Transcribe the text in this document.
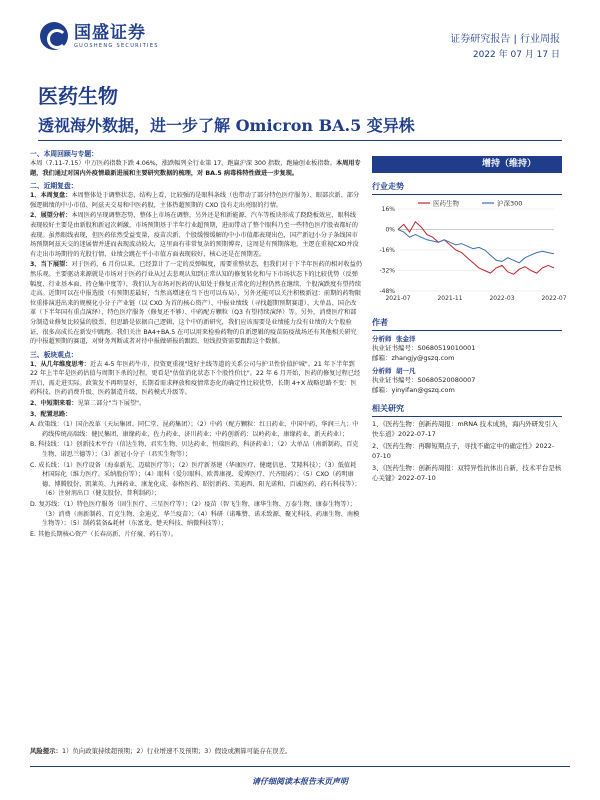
国盛证券
GUOSHENG SECURITIES
证券研究报告 | 行业周报
2022 年 07 月 17 日
医药生物
透视海外数据，进一步了解 Omicron BA.5 变异株
一、本周回顾与专题：
本周（7.11-7.15）中万医药指数下跌 4.06%，涨跌幅列全行业第 17，跑赢沪深 300 指数，跑输创业板指数。本周用专题，我们通过对国内外疫情最新进展和主要研究数据的梳理，对 BA.5 病毒株特性做进一步复现。
二、近期复盘：
1、本周复盘：本周整体处于调整状态，结构上看，比较强的是眼科条线（也带动了部分特色医疗服务）、眼部次新、部分强逻辑绩的中小市值、阿兹天交易和中医药股，主体热超预期的 CXO 没有走出亮眼的行情。
2、展望分析：本周医药呈现调整态势，整体上市场在调整，另外还是和新能源、汽车等板块形成了跷跷板效应，眼科线表现较好主要是由新股和新冠次刺激，市场预期基于半年行业超预期，进而带动了整个眼科乃至一些特色医疗股表都好的表现。虽然眼线表现，但医药依然受益变量，疫苗次新、个股缓慢缓解的中小市值都表现出色，国产新冠小分子条线国市场预期阿兹天交的迷展情并进而表现波动较大，这里面有非常复杂的预期博弈，这周是有预期落地，主逻在重视CXO并没有走出市场期待的光股行情，业绩会跳在平小市值方面表现较好，核心还是在预期差。
3、当下展望：对于医药，6 月份以来，已经算计了一定的反弹幅度，需要重整状态，但我们对于下半年医药的相对收益仍然乐观。主要驱动来源就是市场对于医药行业从过去悲观认知到正常认知的修复转化和与下市场状态下的比较优势（反弹幅度、行业基本面、持仓集中度等），我们认为市场对医药的认知处于修复正常化的过程仍然在继续，个股演跌度有望持续走高。近期可以在中报选股（有预期差最好，当然高增速在当下也可以布局），另外还能可以关注积极新冠：前期的药物限位重排演进出来的规模化小分子产业链（以 CXO 为首的核心资产）、中报业绩线（寻找超期预期赛道）、大单品、国企改革（下半年国有重点演绎）、特色医疗服务（修复还不够）、中药配方颗粒（Q3 有望持续演绎）等。另外，消费医疗和部分制造业修复比较猛的股票，但思路是依据自己逻辑，这个中的新研究，我们应该需要是业绩能力没有业绩的大个股验证，很多高成长在新发中跳跑。我们关注 BA4+BA.5 在可以用来检验药物的自新逻辑的疫苗防疫战场还有其他相关研究的中报超预期的赛道，对财务判断或者对待中报做研报的跟踪，短线投资需要跟踪这个数据。
三、板块观点：
1、从几年维度思考：近去 4-5 年医药牛市，投资更重视"选好主线等道的关系公司与护卫性价值护城"。21 年下半年到 22 年上半年是医药估值与周期下杀的过程，更看是"估值消化状态下个股性价比"。22 年 6 月开始，医药的修复过程已经开启，需走进实际。政策发不再明显好，长期看需求释放和疫情常态化的确定性比较优势，长期 4+X 战略思路不变：医药科技、医药消费升级、医药制造升级、医药模式升级等。
2、中短期来看：见第二部分"当下展望"。
3、配置思路：
A. 政策线：（1）国企改革（天坛集团、同仁堂、昆药集团）；（2）中药（配方颗粒：红日药业、中国中药、华润三九；中药线传统高端线：健民集团、康缘药业、佐力药业、济川药业；中药创新药：以岭药业、康缘药业、新天药业）；
B. 科技线：（1）创新技术平台（信达生物、君实生物、贝达药业、恒瑞医药、科济药业）；（2）大单品（南新制药、百克生物、诺思兰德等）；（3）新冠小分子（君实生物等）；
C. 成长线：（1）医疗设备（海泰新光、迈瑞医疗等）；（2）医疗新基建（华康医疗、健麾信息、艾隆科技）；（3）低值耗材国际化（维力医疗、采纳股份等）；（4）眼科（爱尔眼科、欧普康视、爱博医疗、兴齐眼药）；（5）CXO（药明康德、博腾股份、凯莱英、九洲药业、康龙化成、泰格医药、昭衍新药、美迪西、阳光诺和、百诚医药、药石科技等）；（6）注射剂出口（健友股份、普利制药）；
D. 复苏线：（1）特色医疗服务（固生医疗、三星医疗等）；（2）疫苗（智飞生物、康华生物、万泰生物、康泰生物等）；（3）消费（南新制药、百克生物、金迪克、华兰疫苗）；（4）科研（诺唯赞、诺禾致源、聚光科技、药康生物、南模生物等）；（5）制药装备&耗材（东富龙、楚天科技、纳微科技等）；
E. 其他长期核心资产（长春高新、片仔癀、药石等）。
增持（维持）
行业走势
16%
0%
-16%
-32%
-48%
2021-07	2021-11	2022-03	2022-07
医药生物	沪深300
作者
分析师 张金洋
执业证书编号：S0680519010001
邮箱：zhangjy@gszq.com
分析师 胡一凡
执业证书编号：S0680520080007
邮箱：yinyifan@gszq.com
相关研究
1、《医药生物：创新药周报：mRNA 技术成熟，海内外研发引入快车道》2022-07-17
2、《医药生物：再聊短期点子，寻找不确定中的确定性》2022-07-10
3、《医药生物：创新药周报：双特异性抗体出自新，技术平台是核心关键》2022-07-10
风险提示：1）负向政策持续超预期；2）行业增速不及预期；3）假设或测算可能存在误差。
请仔细阅读本报告末页声明
